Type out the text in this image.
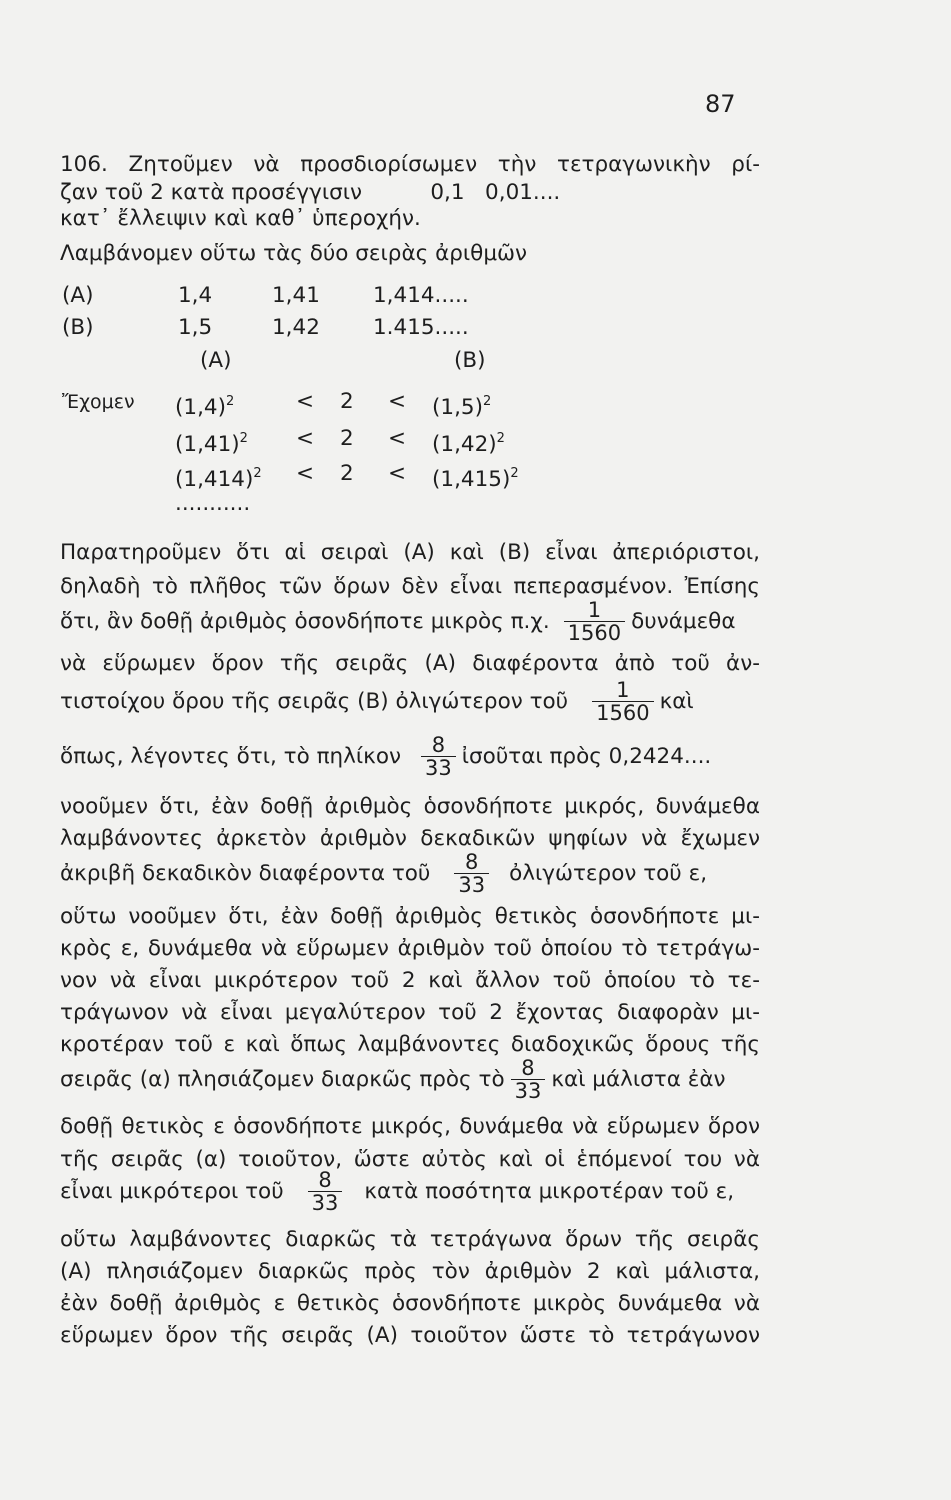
87
106. Ζητοῦμεν νὰ προσδιορίσωμεν τὴν τετραγωνικὴν ρί-
ζαν τοῦ 2 κατὰ προσέγγισιν          0,1   0,01....
κατ᾽ ἔλλειψιν καὶ καθ᾽ ὑπεροχήν.
Λαμβάνομεν οὕτω τὰς δύο σειρὰς ἀριθμῶν
(A)	1,4	1,41 1,414.....
(B)	1,5	1,42 1.415.....
(A)	(B)
Ἔχομεν $(1,4)^2$	< $2 < (1,5)^2$
$(1,41)^2 < 2 < (1,42)^2$
$(1,414)^2 < 2 < (1,415)^2$
...........
Παρατηροῦμεν ὅτι αἱ σειραὶ (A) καὶ (B) εἶναι ἀπεριόριστοι,
δηλαδὴ τὸ πλῆθος τῶν ὅρων δὲν εἶναι πεπερασμένον. Ἐπίσης
ὅτι, ἂν δοθῇ ἀριθμὸς ὁσονδήποτε μικρὸς π.χ. $\frac{1}{1560}$ δυνάμεθα
νὰ εὕρωμεν ὅρον τῆς σειρᾶς (A) διαφέροντα ἀπὸ τοῦ ἀν-
τιστοίχου ὅρου τῆς σειρᾶς (B) ὀλιγώτερον τοῦ $\frac{1}{1560}$ καὶ
ὅπως, λέγοντες ὅτι, τὸ πηλίκον $\frac{8}{33}$ ἰσοῦται πρὸς 0,2424....
νοοῦμεν ὅτι, ἐὰν δοθῇ ἀριθμὸς ὁσονδήποτε μικρός, δυνάμεθα
λαμβάνοντες ἀρκετὸν ἀριθμὸν δεκαδικῶν ψηφίων νὰ ἔχωμεν
ἀκριβῆ δεκαδικὸν διαφέροντα τοῦ $\frac{8}{33}$ ὀλιγώτερον τοῦ ε,
οὕτω νοοῦμεν ὅτι, ἐὰν δοθῇ ἀριθμὸς θετικὸς ὁσονδήποτε μι-
κρὸς ε, δυνάμεθα νὰ εὕρωμεν ἀριθμὸν τοῦ ὁποίου τὸ τετράγω-
νον νὰ εἶναι μικρότερον τοῦ 2 καὶ ἄλλον τοῦ ὁποίου τὸ τε-
τράγωνον νὰ εἶναι μεγαλύτερον τοῦ 2 ἔχοντας διαφορὰν μι-
κροτέραν τοῦ ε καὶ ὅπως λαμβάνοντες διαδοχικῶς ὅρους τῆς
σειρᾶς (α) πλησιάζομεν διαρκῶς πρὸς τὸ $\frac{8}{33}$ καὶ μάλιστα ἐὰν
δοθῇ θετικὸς ε ὁσονδήποτε μικρός, δυνάμεθα νὰ εὕρωμεν ὅρον
τῆς σειρᾶς (α) τοιοῦτον, ὥστε αὐτὸς καὶ οἱ ἑπόμενοί του νὰ
εἶναι μικρότεροι τοῦ $\frac{8}{33}$ κατὰ ποσότητα μικροτέραν τοῦ ε,
οὕτω λαμβάνοντες διαρκῶς τὰ τετράγωνα ὅρων τῆς σειρᾶς
(A) πλησιάζομεν διαρκῶς πρὸς τὸν ἀριθμὸν 2 καὶ μάλιστα,
ἐὰν δοθῇ ἀριθμὸς ε θετικὸς ὁσονδήποτε μικρὸς δυνάμεθα νὰ
εὕρωμεν ὅρον τῆς σειρᾶς (A) τοιοῦτον ὥστε τὸ τετράγωνον
